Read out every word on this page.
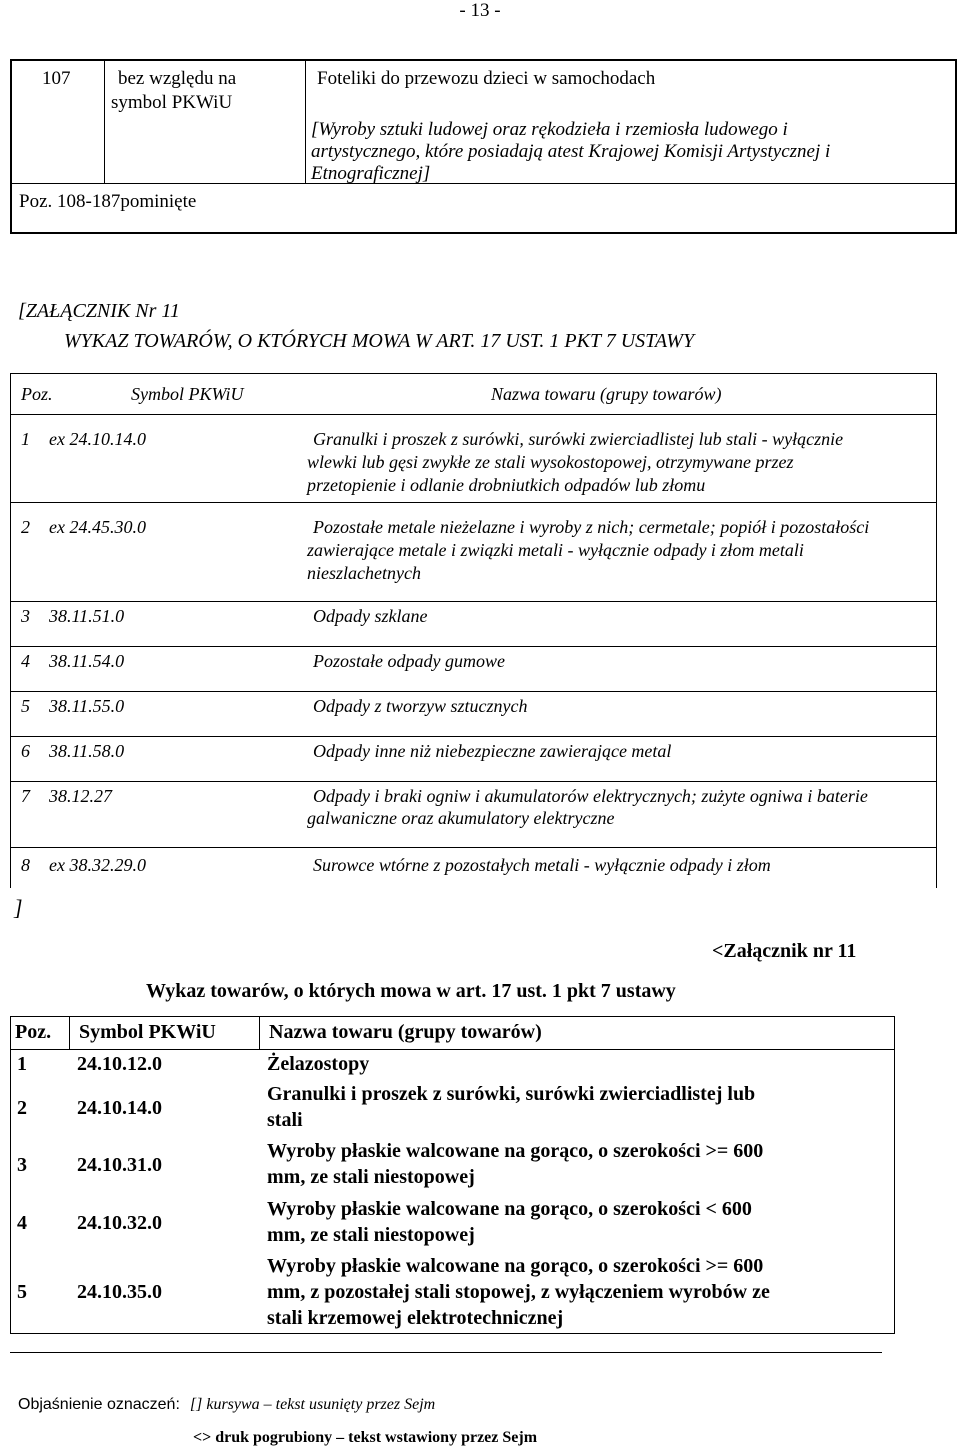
- 13 -
107	bez względu na
symbol PKWiU
Foteliki do przewozu dzieci w samochodach
[Wyroby sztuki ludowej oraz rękodzieła i rzemiosła ludowego i
artystycznego, które posiadają atest Krajowej Komisji Artystycznej i
Etnograficznej]
Poz. 108-187pominięte
[ZAŁĄCZNIK Nr 11
WYKAZ TOWARÓW, O KTÓRYCH MOWA W ART. 17 UST. 1 PKT 7 USTAWY
Poz.	Symbol PKWiU	Nazwa towaru (grupy towarów)
1 ex 24.10.14.0	Granulki i proszek z surówki, surówki zwierciadlistej lub stali - wyłącznie
wlewki lub gęsi zwykłe ze stali wysokostopowej, otrzymywane przez
przetopienie i odlanie drobniutkich odpadów lub złomu
2 ex 24.45.30.0	Pozostałe metale nieżelazne i wyroby z nich; cermetale; popiół i pozostałości
zawierające metale i związki metali - wyłącznie odpady i złom metali
nieszlachetnych
3 38.11.51.0	Odpady szklane
4 38.11.54.0	Pozostałe odpady gumowe
5 38.11.55.0	Odpady z tworzyw sztucznych
6 38.11.58.0	Odpady inne niż niebezpieczne zawierające metal
7 38.12.27	Odpady i braki ogniw i akumulatorów elektrycznych; zużyte ogniwa i baterie
galwaniczne oraz akumulatory elektryczne
8 ex 38.32.29.0	Surowce wtórne z pozostałych metali - wyłącznie odpady i złom
]
<Załącznik nr 11
Wykaz towarów, o których mowa w art. 17 ust. 1 pkt 7 ustawy
Poz. Symbol PKWiU	Nazwa towaru (grupy towarów)
1	24.10.12.0	Żelazostopy
2	24.10.14.0
Granulki i proszek z surówki, surówki zwierciadlistej lub
stali
3	24.10.31.0
Wyroby płaskie walcowane na gorąco, o szerokości >= 600
mm, ze stali niestopowej
4	24.10.32.0
Wyroby płaskie walcowane na gorąco, o szerokości < 600
mm, ze stali niestopowej
5	24.10.35.0
Wyroby płaskie walcowane na gorąco, o szerokości >= 600
mm, z pozostałej stali stopowej, z wyłączeniem wyrobów ze
stali krzemowej elektrotechnicznej
Objaśnienie oznaczeń: [] kursywa – tekst usunięty przez Sejm
<> druk pogrubiony – tekst wstawiony przez Sejm
